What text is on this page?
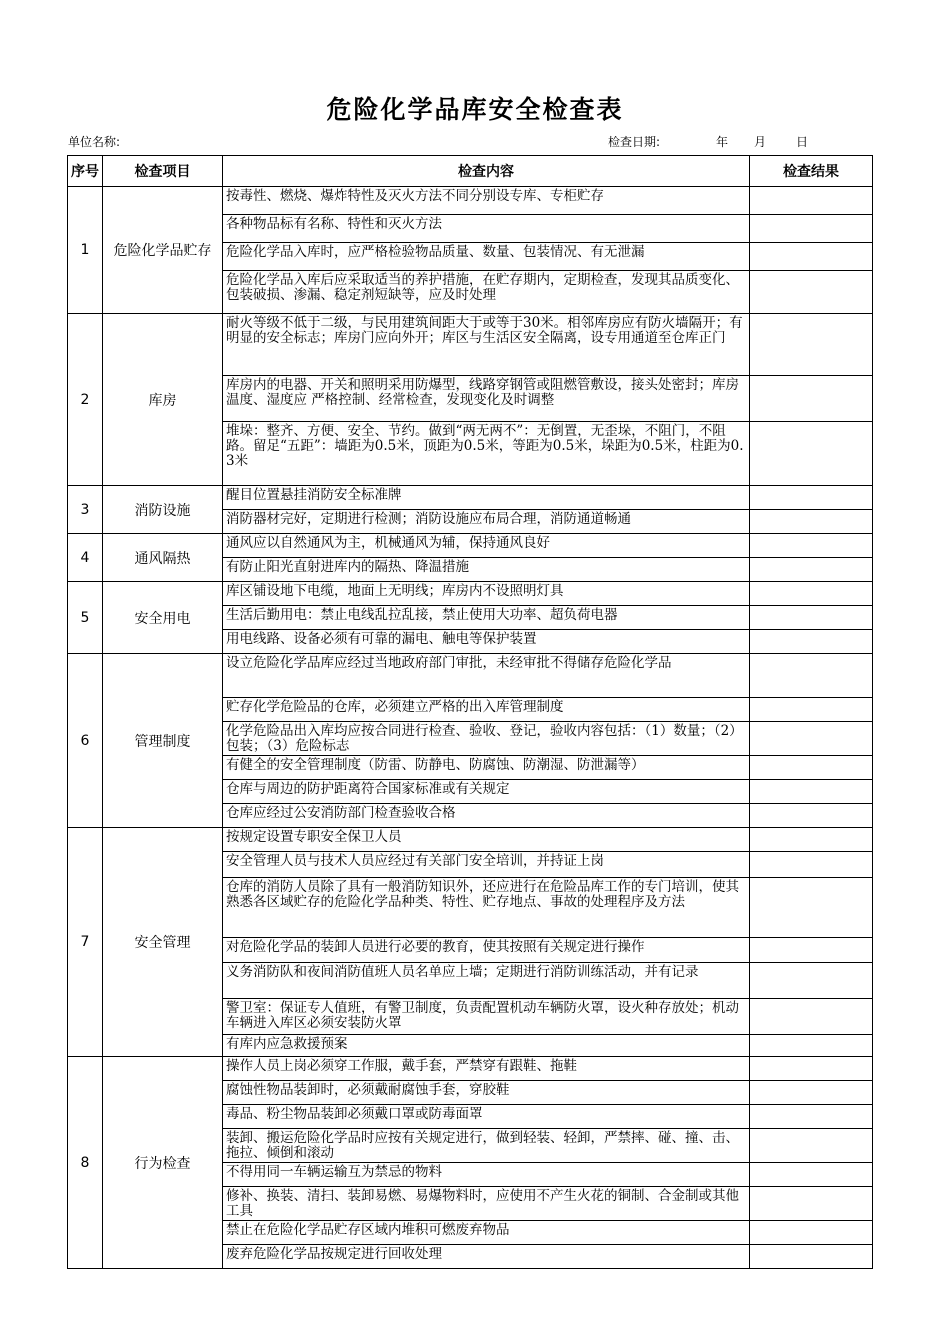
危险化学品库安全检查表
单位名称:	检查日期:	年 月 日
序号	检查项目	检查内容	检查结果
1	危险化学品贮存	按毒性、燃烧、爆炸特性及灭火方法不同分别设专库、专柜贮存	
		各种物品标有名称、特性和灭火方法	
		危险化学品入库时，应严格检验物品质量、数量、包装情况、有无泄漏	
		危险化学品入库后应采取适当的养护措施，在贮存期内，定期检查，发现其品质变化、包装破损、渗漏、稳定剂短缺等，应及时处理	
2	库房	耐火等级不低于二级，与民用建筑间距大于或等于30米。相邻库房应有防火墙隔开；有明显的安全标志；库房门应向外开；库区与生活区安全隔离，设专用通道至仓库正门	
		库房内的电器、开关和照明采用防爆型，线路穿钢管或阻燃管敷设，接头处密封；库房温度、湿度应 严格控制、经常检查，发现变化及时调整	
		堆垛：整齐、方便、安全、节约。做到“两无两不”：无倒置，无歪垛，不阻门，不阻路。留足“五距”：墙距为0.5米，顶距为0.5米，等距为0.5米，垛距为0.5米，柱距为0.3米	
3	消防设施	醒目位置悬挂消防安全标准牌	
		消防器材完好，定期进行检测；消防设施应布局合理，消防通道畅通	
4	通风隔热	通风应以自然通风为主，机械通风为辅，保持通风良好	
		有防止阳光直射进库内的隔热、降温措施	
5	安全用电	库区铺设地下电缆，地面上无明线；库房内不设照明灯具	
		生活后勤用电：禁止电线乱拉乱接，禁止使用大功率、超负荷电器	
		用电线路、设备必须有可靠的漏电、触电等保护装置	
6	管理制度	设立危险化学品库应经过当地政府部门审批，未经审批不得储存危险化学品	
		贮存化学危险品的仓库，必须建立严格的出入库管理制度	
		化学危险品出入库均应按合同进行检查、验收、登记，验收内容包括：（1）数量；（2）包装；（3）危险标志	
		有健全的安全管理制度（防雷、防静电、防腐蚀、防潮湿、防泄漏等）	
		仓库与周边的防护距离符合国家标准或有关规定	
		仓库应经过公安消防部门检查验收合格	
7	安全管理	按规定设置专职安全保卫人员	
		安全管理人员与技术人员应经过有关部门安全培训，并持证上岗	
		仓库的消防人员除了具有一般消防知识外，还应进行在危险品库工作的专门培训，使其熟悉各区域贮存的危险化学品种类、特性、贮存地点、事故的处理程序及方法	
		对危险化学品的装卸人员进行必要的教育，使其按照有关规定进行操作	
		义务消防队和夜间消防值班人员名单应上墙；定期进行消防训练活动，并有记录	
		警卫室：保证专人值班，有警卫制度，负责配置机动车辆防火罩，设火种存放处；机动车辆进入库区必须安装防火罩	
		有库内应急救援预案	
8	行为检查	操作人员上岗必须穿工作服，戴手套，严禁穿有跟鞋、拖鞋	
		腐蚀性物品装卸时，必须戴耐腐蚀手套，穿胶鞋	
		毒品、粉尘物品装卸必须戴口罩或防毒面罩	
		装卸、搬运危险化学品时应按有关规定进行，做到轻装、轻卸，严禁摔、碰、撞、击、拖拉、倾倒和滚动	
		不得用同一车辆运输互为禁忌的物料	
		修补、换装、清扫、装卸易燃、易爆物料时，应使用不产生火花的铜制、合金制或其他工具	
		禁止在危险化学品贮存区域内堆积可燃废弃物品	
		废弃危险化学品按规定进行回收处理	
